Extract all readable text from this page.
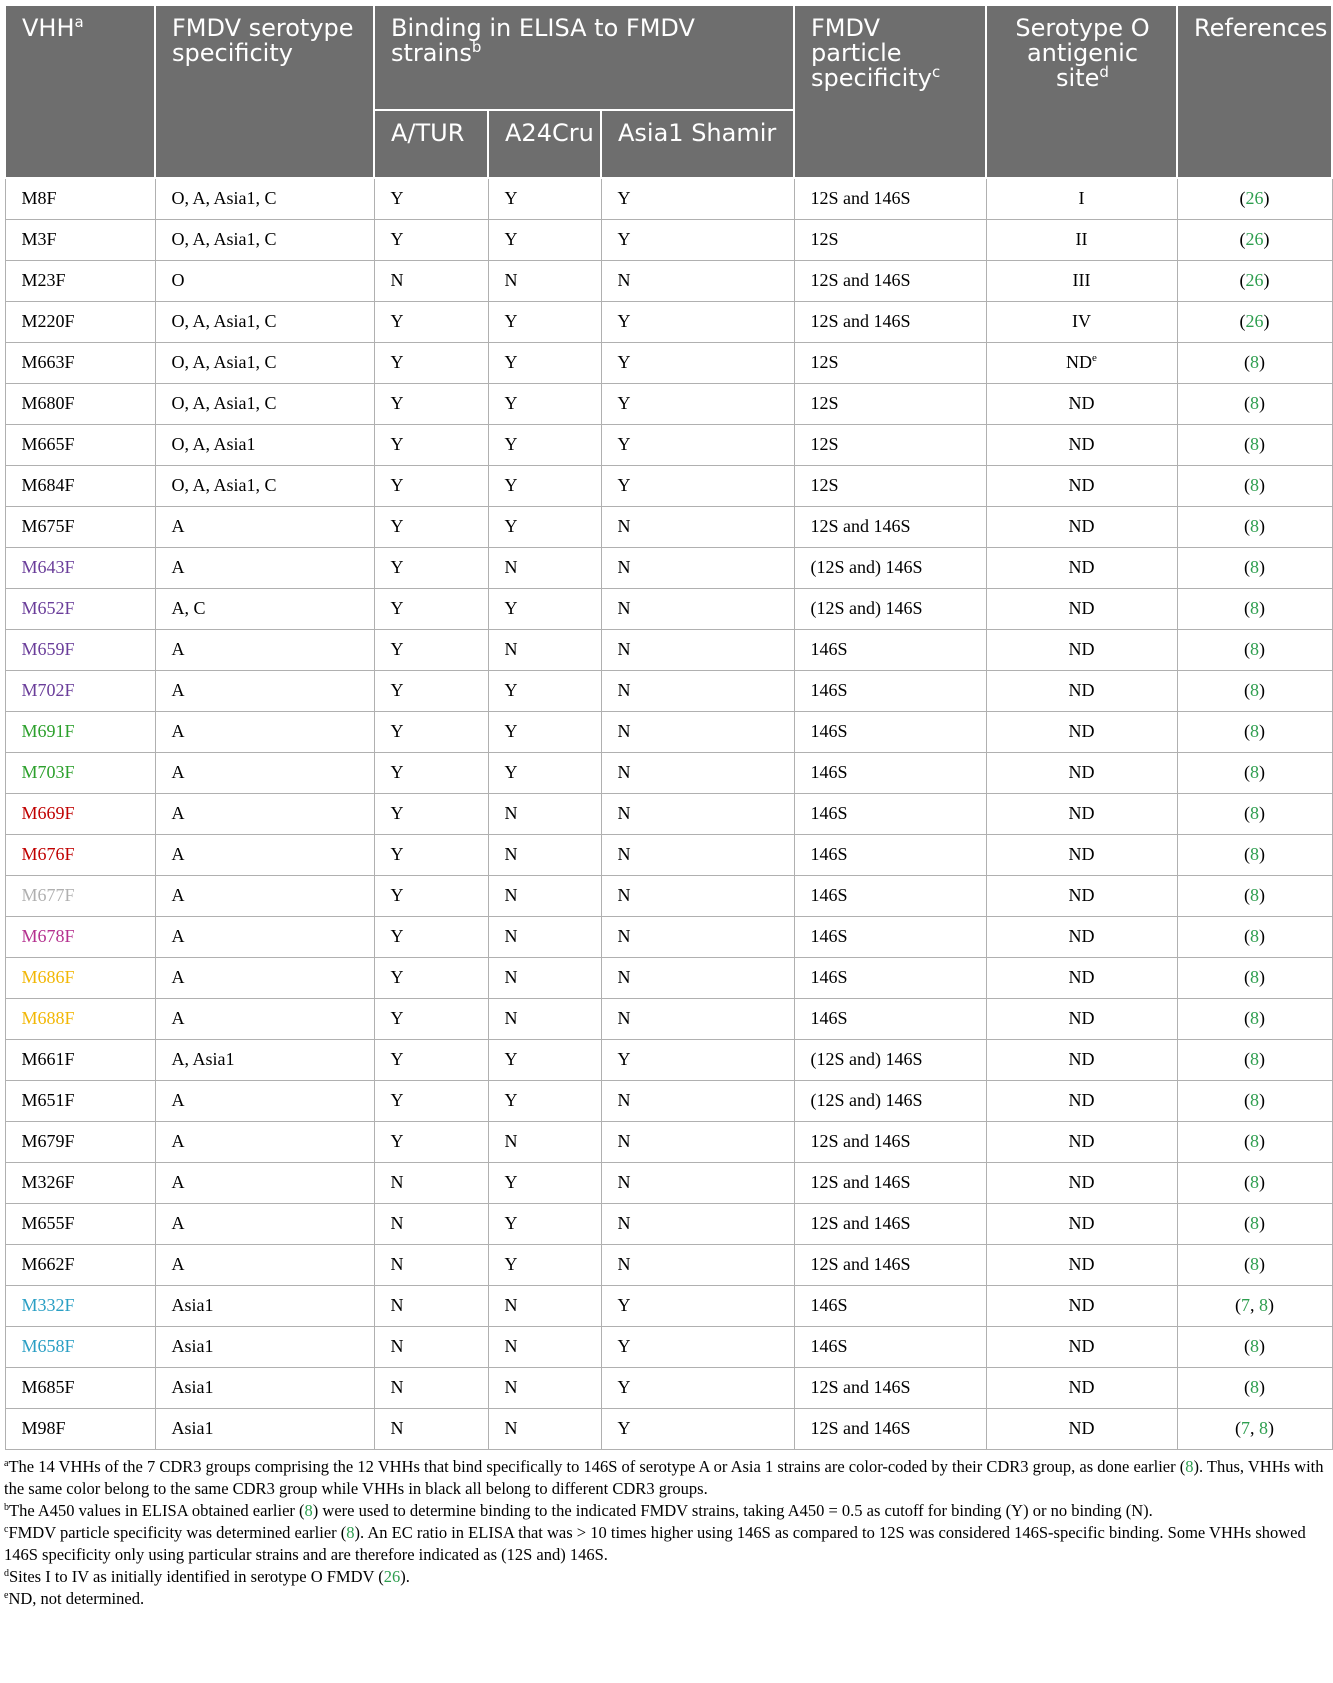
VHH$^a$	FMDV serotype specificity	Binding in ELISA to FMDV strains$^b$			FMDV particle specificity$^c$	Serotype O antigenic site$^d$	References
		A/TUR	A24Cru	Asia1 Shamir			
M8F	O, A, Asia1, C	Y	Y	Y	12S and 146S	I	(26)
M3F	O, A, Asia1, C	Y	Y	Y	12S	II	(26)
M23F	O	N	N	N	12S and 146S	III	(26)
M220F	O, A, Asia1, C	Y	Y	Y	12S and 146S	IV	(26)
M663F	O, A, Asia1, C	Y	Y	Y	12S	$ND^e$	(8)
M680F	O, A, Asia1, C	Y	Y	Y	12S	ND	(8)
M665F	O, A, Asia1	Y	Y	Y	12S	ND	(8)
M684F	O, A, Asia1, C	Y	Y	Y	12S	ND	(8)
M675F	A	Y	Y	N	12S and 146S	ND	(8)
M643F	A	Y	N	N	(12S and) 146S	ND	(8)
M652F	A, C	Y	Y	N	(12S and) 146S	ND	(8)
M659F	A	Y	N	N	146S	ND	(8)
M702F	A	Y	Y	N	146S	ND	(8)
M691F	A	Y	Y	N	146S	ND	(8)
M703F	A	Y	Y	N	146S	ND	(8)
M669F	A	Y	N	N	146S	ND	(8)
M676F	A	Y	N	N	146S	ND	(8)
M677F	A	Y	N	N	146S	ND	(8)
M678F	A	Y	N	N	146S	ND	(8)
M686F	A	Y	N	N	146S	ND	(8)
M688F	A	Y	N	N	146S	ND	(8)
M661F	A, Asia1	Y	Y	Y	(12S and) 146S	ND	(8)
M651F	A	Y	Y	N	(12S and) 146S	ND	(8)
M679F	A	Y	N	N	12S and 146S	ND	(8)
M326F	A	N	Y	N	12S and 146S	ND	(8)
M655F	A	N	Y	N	12S and 146S	ND	(8)
M662F	A	N	Y	N	12S and 146S	ND	(8)
M332F	Asia1	N	N	Y	146S	ND	(7, 8)
M658F	Asia1	N	N	Y	146S	ND	(8)
M685F	Asia1	N	N	Y	12S and 146S	ND	(8)
M98F	Asia1	N	N	Y	12S and 146S	ND	(7, 8)

$^a$The 14 VHHs of the 7 CDR3 groups comprising the 12 VHHs that bind specifically to 146S of serotype A or Asia 1 strains are color-coded by their CDR3 group, as done earlier (8). Thus, VHHs with the same color belong to the same CDR3 group while VHHs in black all belong to different CDR3 groups.

$^b$The A450 values in ELISA obtained earlier (8) were used to determine binding to the indicated FMDV strains, taking A450 = 0.5 as cutoff for binding (Y) or no binding (N).

$^c$FMDV particle specificity was determined earlier (8). An EC ratio in ELISA that was > 10 times higher using 146S as compared to 12S was considered 146S-specific binding. Some VHHs showed 146S specificity only using particular strains and are therefore indicated as (12S and) 146S.

$^d$Sites I to IV as initially identified in serotype O FMDV (26).

$^e$ND, not determined.
